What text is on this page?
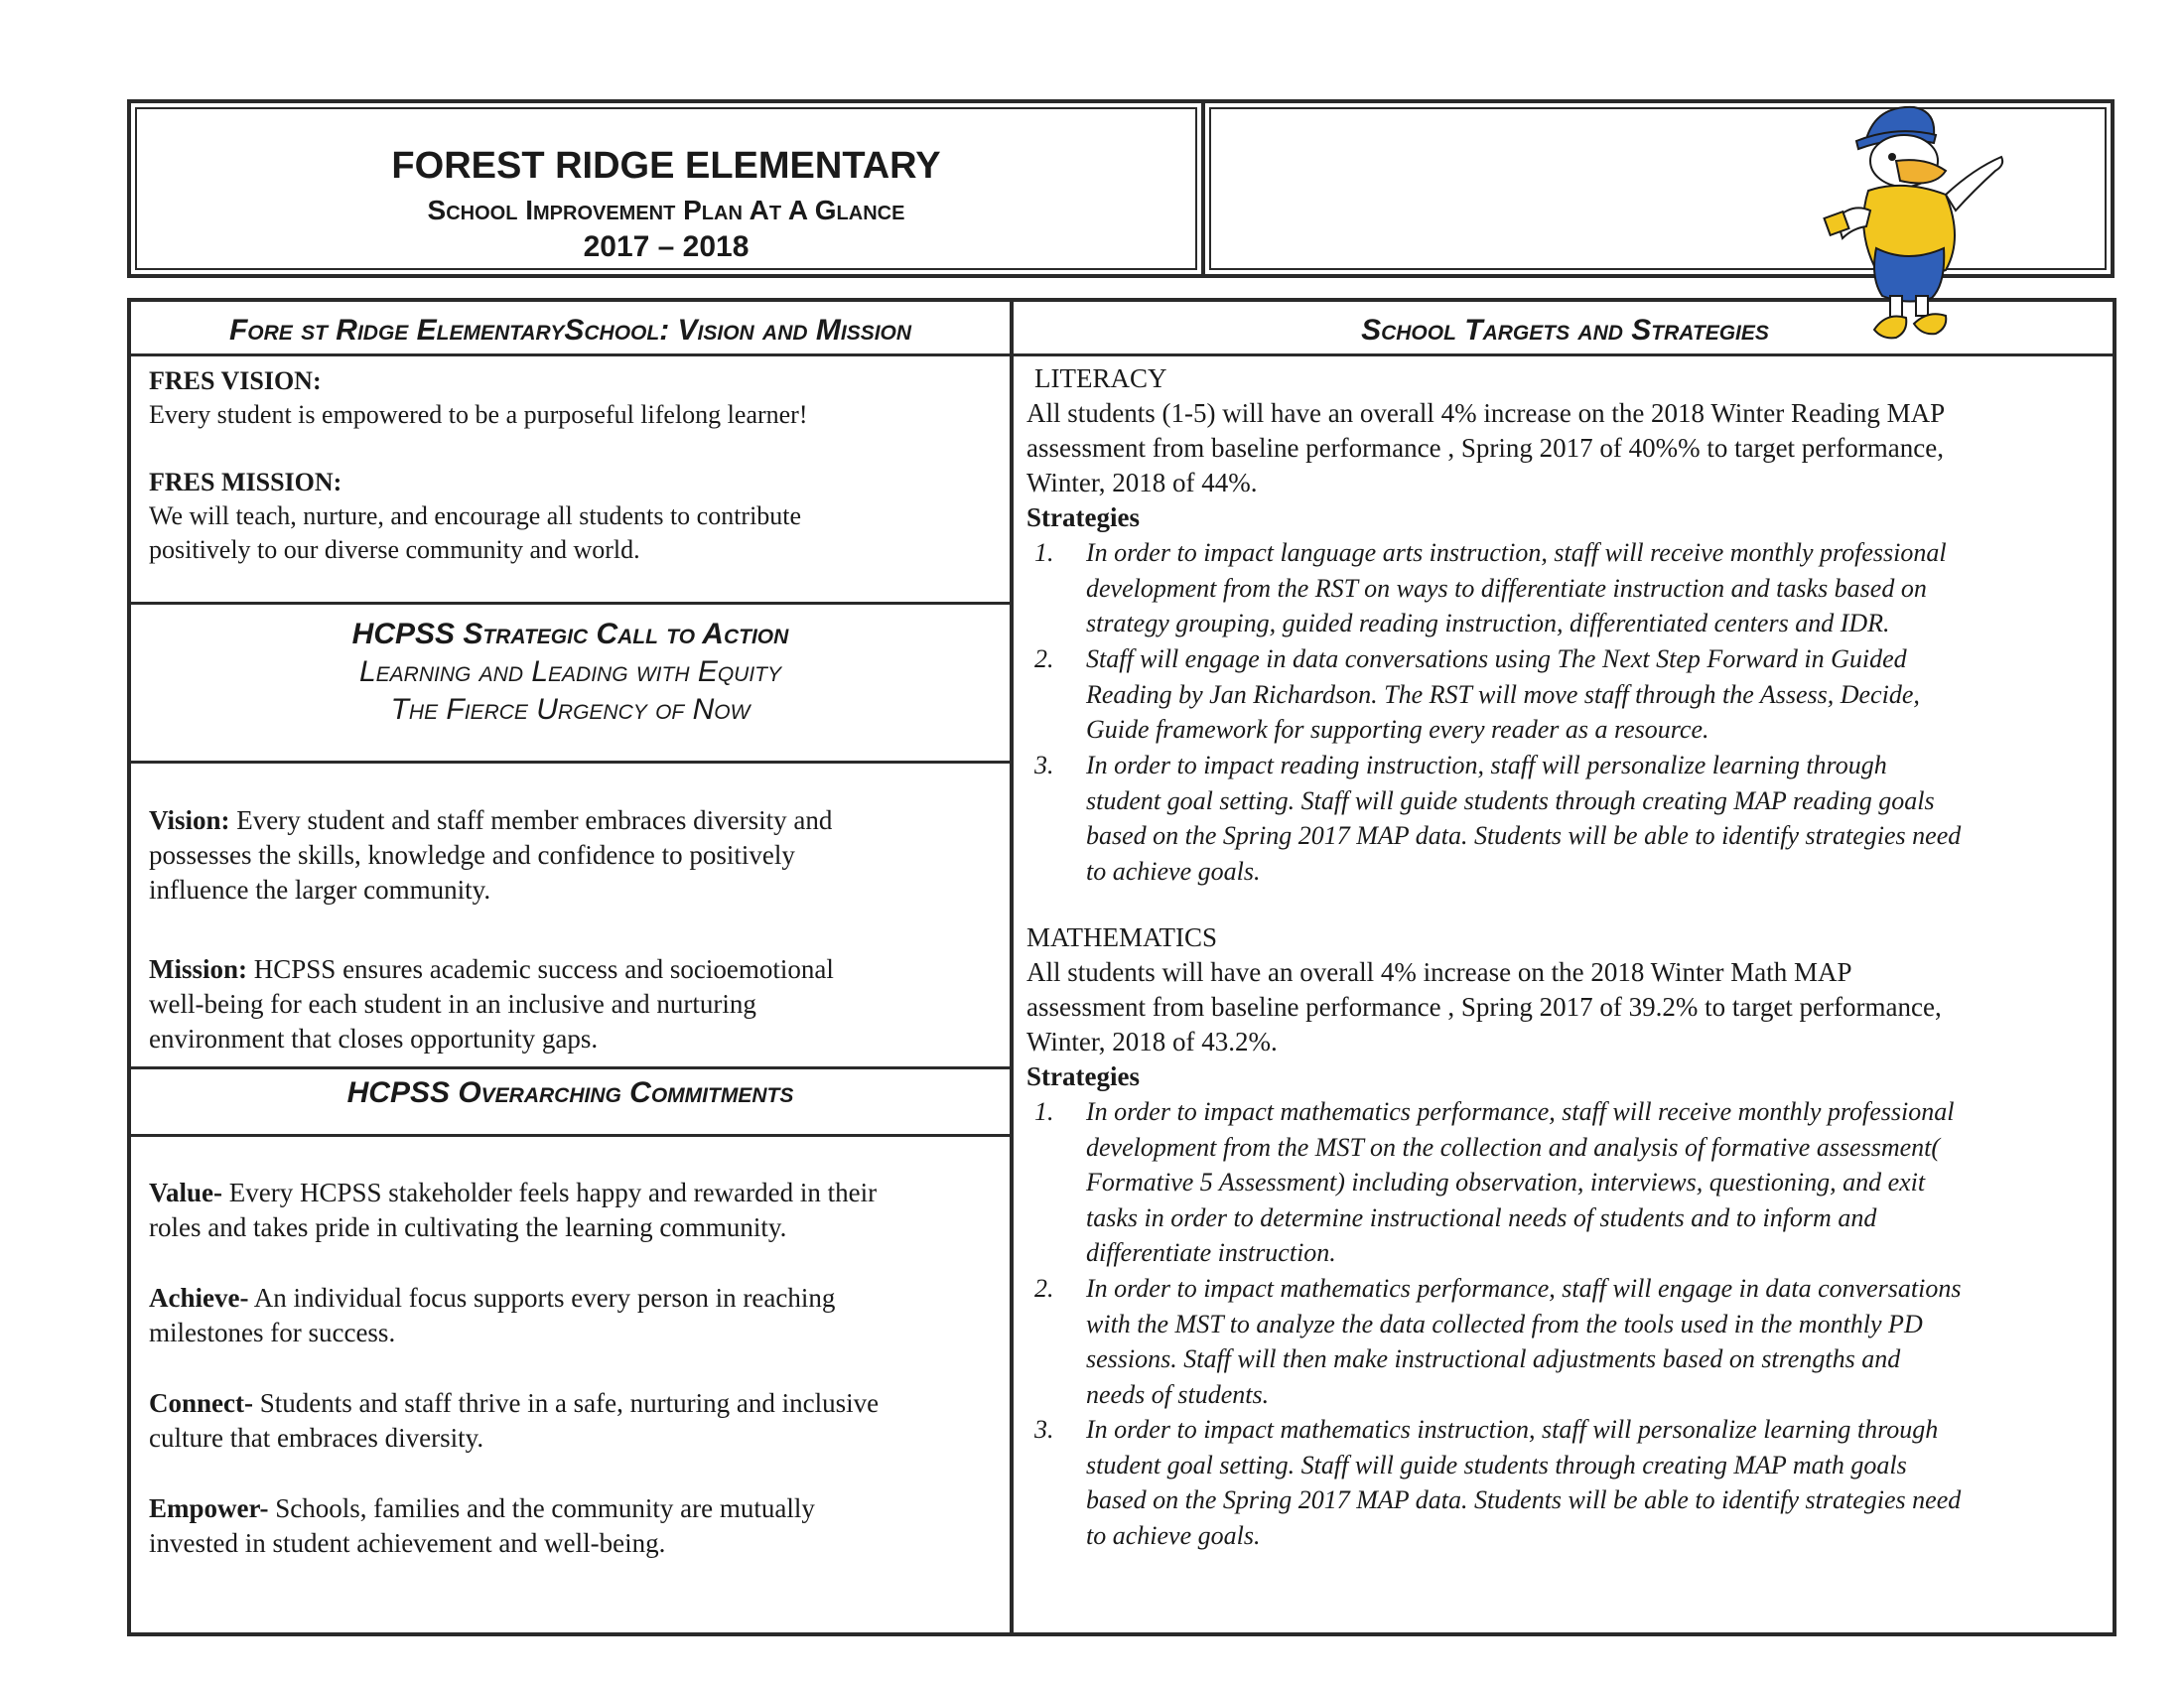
FOREST RIDGE ELEMENTARY
School Improvement Plan At A Glance
2017 – 2018
Fore st Ridge ElementarySchool: Vision and Mission	School Targets and Strategies
FRES VISION:
Every student is empowered to be a purposeful lifelong learner!
FRES MISSION:
We will teach, nurture, and encourage all students to contribute
positively to our diverse community and world.
HCPSS Strategic Call to Action
Learning and Leading with Equity
The Fierce Urgency of Now
Vision: Every student and staff member embraces diversity and
possesses the skills, knowledge and confidence to positively
influence the larger community.
Mission: HCPSS ensures academic success and socioemotional
well-being for each student in an inclusive and nurturing
environment that closes opportunity gaps.
HCPSS Overarching Commitments
Value- Every HCPSS stakeholder feels happy and rewarded in their
roles and takes pride in cultivating the learning community.
Achieve- An individual focus supports every person in reaching
milestones for success.
Connect- Students and staff thrive in a safe, nurturing and inclusive
culture that embraces diversity.
Empower- Schools, families and the community are mutually
invested in student achievement and well-being.
LITERACY
All students (1-5) will have an overall 4% increase on the 2018 Winter Reading MAP
assessment from baseline performance , Spring 2017 of 40%% to target performance,
Winter, 2018 of 44%.
Strategies
1. In order to impact language arts instruction, staff will receive monthly professional
development from the RST on ways to differentiate instruction and tasks based on
strategy grouping, guided reading instruction, differentiated centers and IDR.
2. Staff will engage in data conversations using The Next Step Forward in Guided
Reading by Jan Richardson. The RST will move staff through the Assess, Decide,
Guide framework for supporting every reader as a resource.
3. In order to impact reading instruction, staff will personalize learning through
student goal setting. Staff will guide students through creating MAP reading goals
based on the Spring 2017 MAP data. Students will be able to identify strategies need
to achieve goals.
MATHEMATICS
All students will have an overall 4% increase on the 2018 Winter Math MAP
assessment from baseline performance , Spring 2017 of 39.2% to target performance,
Winter, 2018 of 43.2%.
Strategies
1. In order to impact mathematics performance, staff will receive monthly professional
development from the MST on the collection and analysis of formative assessment(
Formative 5 Assessment) including observation, interviews, questioning, and exit
tasks in order to determine instructional needs of students and to inform and
differentiate instruction.
2. In order to impact mathematics performance, staff will engage in data conversations
with the MST to analyze the data collected from the tools used in the monthly PD
sessions. Staff will then make instructional adjustments based on strengths and
needs of students.
3. In order to impact mathematics instruction, staff will personalize learning through
student goal setting. Staff will guide students through creating MAP math goals
based on the Spring 2017 MAP data. Students will be able to identify strategies need
to achieve goals.
